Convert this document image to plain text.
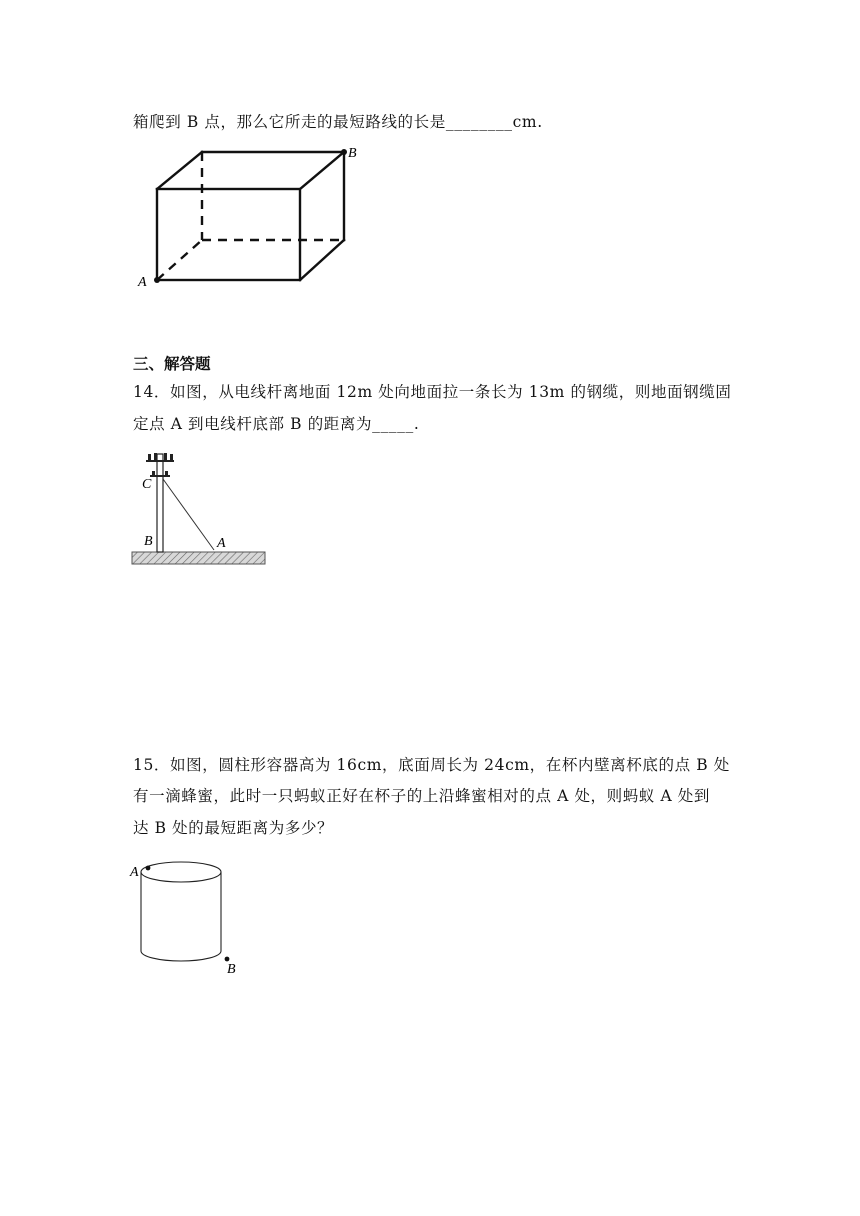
箱爬到 B 点，那么它所走的最短路线的长是________cm.
A
B
三、解答题
14．如图，从电线杆离地面 12m 处向地面拉一条长为 13m 的钢缆，则地面钢缆固
定点 A 到电线杆底部 B 的距离为_____.
C
B	A
15．如图，圆柱形容器高为 16cm，底面周长为 24cm，在杯内壁离杯底的点 B 处
有一滴蜂蜜，此时一只蚂蚁正好在杯子的上沿蜂蜜相对的点 A 处，则蚂蚁 A 处到
达 B 处的最短距离为多少？
A
B
